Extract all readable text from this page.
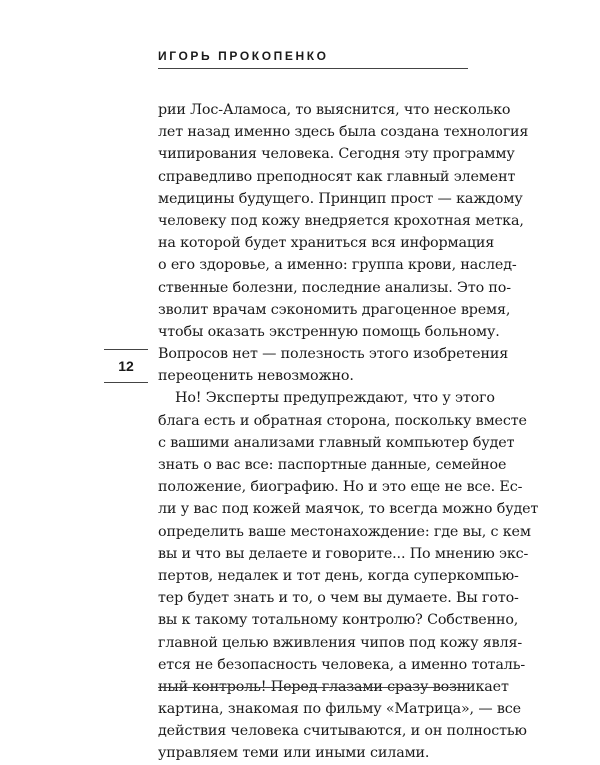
ИГОРЬ ПРОКОПЕНКО
12
рии Лос-Аламоса, то выяснится, что несколько
лет назад именно здесь была создана технология
чипирования человека. Сегодня эту программу
справедливо преподносят как главный элемент
медицины будущего. Принцип прост — каждому
человеку под кожу внедряется крохотная метка,
на которой будет храниться вся информация
о его здоровье, а именно: группа крови, наслед-
ственные болезни, последние анализы. Это по-
зволит врачам сэкономить драгоценное время,
чтобы оказать экстренную помощь больному.
Вопросов нет — полезность этого изобретения
переоценить невозможно.
Но! Эксперты предупреждают, что у этого
блага есть и обратная сторона, поскольку вместе
с вашими анализами главный компьютер будет
знать о вас все: паспортные данные, семейное
положение, биографию. Но и это еще не все. Ес-
ли у вас под кожей маячок, то всегда можно будет
определить ваше местонахождение: где вы, с кем
вы и что вы делаете и говорите... По мнению экс-
пертов, недалек и тот день, когда суперкомпью-
тер будет знать и то, о чем вы думаете. Вы гото-
вы к такому тотальному контролю? Собственно,
главной целью вживления чипов под кожу явля-
ется не безопасность человека, а именно тоталь-
ный контроль! Перед глазами сразу возникает
картина, знакомая по фильму «Матрица», — все
действия человека считываются, и он полностью
управляем теми или иными силами.
